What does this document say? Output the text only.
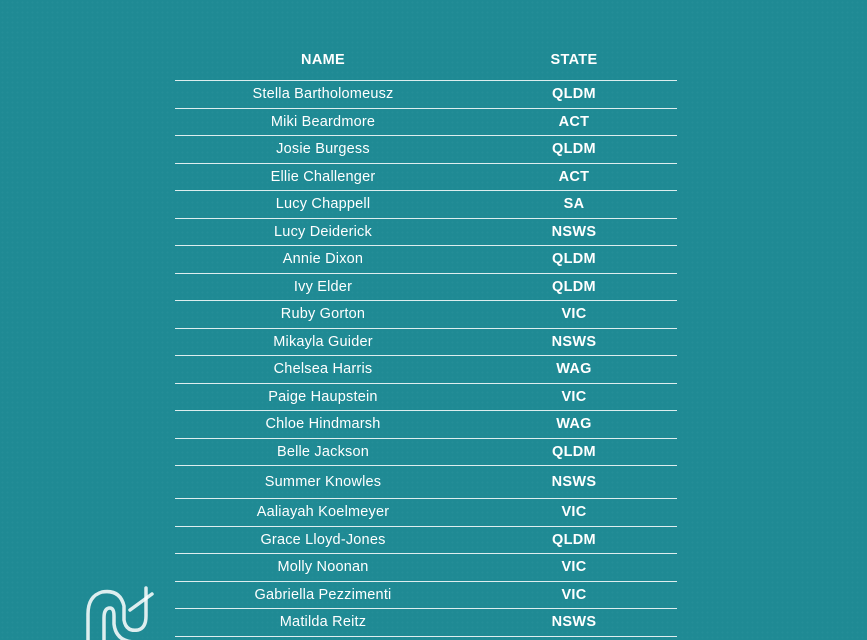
NAME	STATE
Stella Bartholomeusz	QLDM
Miki Beardmore	ACT
Josie Burgess	QLDM
Ellie Challenger	ACT
Lucy Chappell	SA
Lucy Deiderick	NSWS
Annie Dixon	QLDM
Ivy Elder	QLDM
Ruby Gorton	VIC
Mikayla Guider	NSWS
Chelsea Harris	WAG
Paige Haupstein	VIC
Chloe Hindmarsh	WAG
Belle Jackson	QLDM
Summer Knowles	NSWS
Aaliayah Koelmeyer	VIC
Grace Lloyd-Jones	QLDM
Molly Noonan	VIC
Gabriella Pezzimenti	VIC
Matilda Reitz	NSWS
